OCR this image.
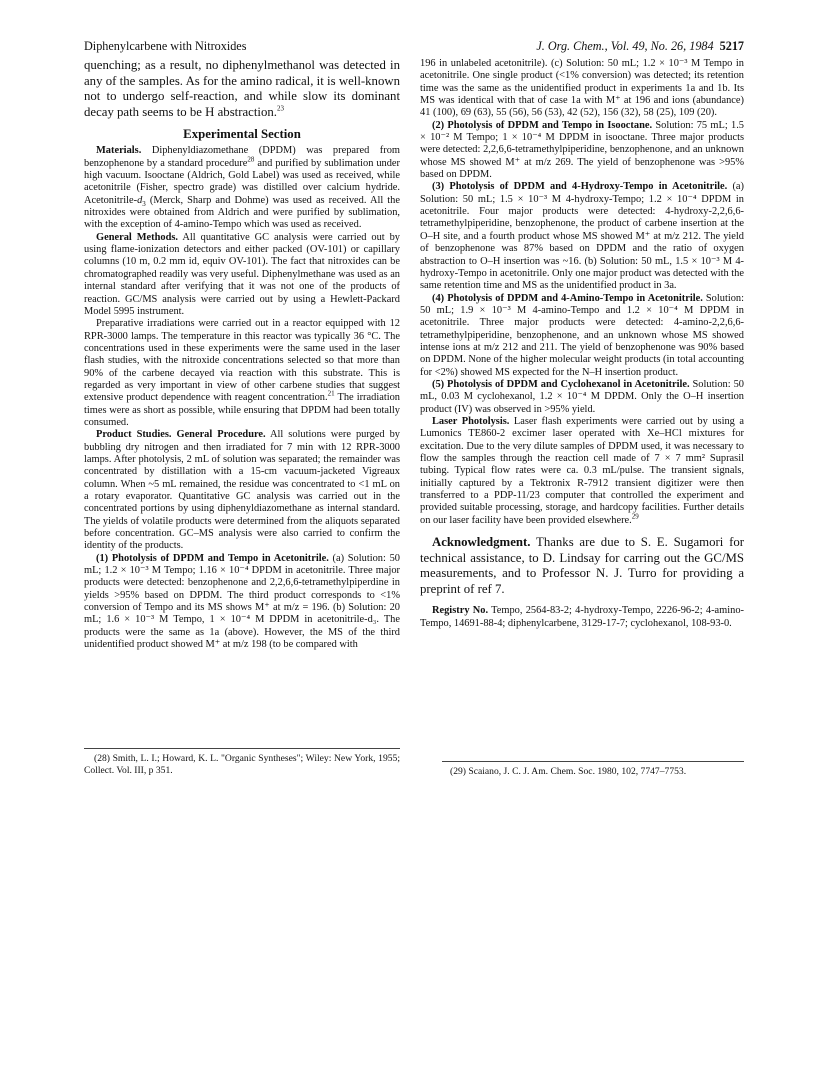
Diphenylcarbene with Nitroxides	J. Org. Chem., Vol. 49, No. 26, 1984 5217

quenching; as a result, no diphenylmethanol was detected in any of the samples. As for the amino radical, it is well-known not to undergo self-reaction, and while slow its dominant decay path seems to be H abstraction.$^{23}$

Experimental Section

Materials. Diphenyldiazomethane (DPDM) was prepared from benzophenone by a standard procedure$^{28}$ and purified by sublimation under high vacuum. Isooctane (Aldrich, Gold Label) was used as received, while acetonitrile (Fisher, spectro grade) was distilled over calcium hydride. Acetonitrile-$d_3$ (Merck, Sharp and Dohme) was used as received. All the nitroxides were obtained from Aldrich and were purified by sublimation, with the exception of 4-amino-Tempo which was used as received.

General Methods. All quantitative GC analysis were carried out by using flame-ionization detectors and either packed (OV-101) or capillary columns (10 m, 0.2 mm id, equiv OV-101). The fact that nitroxides can be chromatographed readily was very useful. Diphenylmethane was used as an internal standard after verifying that it was not one of the products of reaction. GC/MS analysis were carried out by using a Hewlett-Packard Model 5995 instrument.

Preparative irradiations were carried out in a reactor equipped with 12 RPR-3000 lamps. The temperature in this reactor was typically 36 °C. The concentrations used in these experiments were the same used in the laser flash studies, with the nitroxide concentrations selected so that more than 90% of the carbene decayed via reaction with this substrate. This is regarded as very important in view of other carbene studies that suggest extensive product dependence with reagent concentration.$^{21}$ The irradiation times were as short as possible, while ensuring that DPDM had been totally consumed.

Product Studies. General Procedure. All solutions were purged by bubbling dry nitrogen and then irradiated for 7 min with 12 RPR-3000 lamps. After photolysis, 2 mL of solution was separated; the remainder was concentrated by distillation with a 15-cm vacuum-jacketed Vigreaux column. When ~5 mL remained, the residue was concentrated to <1 mL on a rotary evaporator. Quantitative GC analysis was carried out in the concentrated portions by using diphenyldiazomethane as internal standard. The yields of volatile products were determined from the aliquots separated before concentration. GC–MS analysis were also carried to confirm the identity of the products.

(1) Photolysis of DPDM and Tempo in Acetonitrile. (a) Solution: 50 mL; 1.2 × 10⁻³ M Tempo; 1.16 × 10⁻⁴ DPDM in acetonitrile. Three major products were detected: benzophenone and 2,2,6,6-tetramethylpiperdine in yields >95% based on DPDM. The third product corresponds to <1% conversion of Tempo and its MS shows M⁺ at m/z = 196. (b) Solution: 20 mL; 1.6 × 10⁻³ M Tempo, 1 × 10⁻⁴ M DPDM in acetonitrile-d₃. The products were the same as 1a (above). However, the MS of the third unidentified product showed M⁺ at m/z 198 (to be compared with

196 in unlabeled acetonitrile). (c) Solution: 50 mL; 1.2 × 10⁻³ M Tempo in acetonitrile. One single product (<1% conversion) was detected; its retention time was the same as the unidentified product in experiments 1a and 1b. Its MS was identical with that of case 1a with M⁺ at 196 and ions (abundance) 41 (100), 69 (63), 55 (56), 56 (53), 42 (52), 156 (32), 58 (25), 109 (20).

(2) Photolysis of DPDM and Tempo in Isooctane. Solution: 75 mL; 1.5 × 10⁻² M Tempo; 1 × 10⁻⁴ M DPDM in isooctane. Three major products were detected: 2,2,6,6-tetramethylpiperidine, benzophenone, and an unknown whose MS showed M⁺ at m/z 269. The yield of benzophenone was >95% based on DPDM.

(3) Photolysis of DPDM and 4-Hydroxy-Tempo in Acetonitrile. (a) Solution: 50 mL; 1.5 × 10⁻³ M 4-hydroxy-Tempo; 1.2 × 10⁻⁴ DPDM in acetonitrile. Four major products were detected: 4-hydroxy-2,2,6,6-tetramethylpiperidine, benzophenone, the product of carbene insertion at the O–H site, and a fourth product whose MS showed M⁺ at m/z 212. The yield of benzophenone was 87% based on DPDM and the ratio of oxygen abstraction to O–H insertion was ~16. (b) Solution: 50 mL, 1.5 × 10⁻³ M 4-hydroxy-Tempo in acetonitrile. Only one major product was detected with the same retention time and MS as the unidentified product in 3a.

(4) Photolysis of DPDM and 4-Amino-Tempo in Acetonitrile. Solution: 50 mL; 1.9 × 10⁻³ M 4-amino-Tempo and 1.2 × 10⁻⁴ M DPDM in acetonitrile. Three major products were detected: 4-amino-2,2,6,6-tetramethylpiperidine, benzophenone, and an unknown whose MS showed intense ions at m/z 212 and 211. The yield of benzophenone was 90% based on DPDM. None of the higher molecular weight products (in total accounting for <2%) showed MS expected for the N–H insertion product.

(5) Photolysis of DPDM and Cyclohexanol in Acetonitrile. Solution: 50 mL, 0.03 M cyclohexanol, 1.2 × 10⁻⁴ M DPDM. Only the O–H insertion product (IV) was observed in >95% yield.

Laser Photolysis. Laser flash experiments were carried out by using a Lumonics TE860-2 excimer laser operated with Xe–HCl mixtures for excitation. Due to the very dilute samples of DPDM used, it was necessary to flow the samples through the reaction cell made of 7 × 7 mm² Suprasil tubing. Typical flow rates were ca. 0.3 mL/pulse. The transient signals, initially captured by a Tektronix R-7912 transient digitizer were then transferred to a PDP-11/23 computer that controlled the experiment and provided suitable processing, storage, and hardcopy facilities. Further details on our laser facility have been provided elsewhere.$^{29}$

Acknowledgment. Thanks are due to S. E. Sugamori for technical assistance, to D. Lindsay for carring out the GC/MS measurements, and to Professor N. J. Turro for providing a preprint of ref 7.

Registry No. Tempo, 2564-83-2; 4-hydroxy-Tempo, 2226-96-2; 4-amino-Tempo, 14691-88-4; diphenylcarbene, 3129-17-7; cyclohexanol, 108-93-0.

(28) Smith, L. I.; Howard, K. L. "Organic Syntheses"; Wiley: New York, 1955; Collect. Vol. III, p 351.	(29) Scaiano, J. C. J. Am. Chem. Soc. 1980, 102, 7747–7753.
